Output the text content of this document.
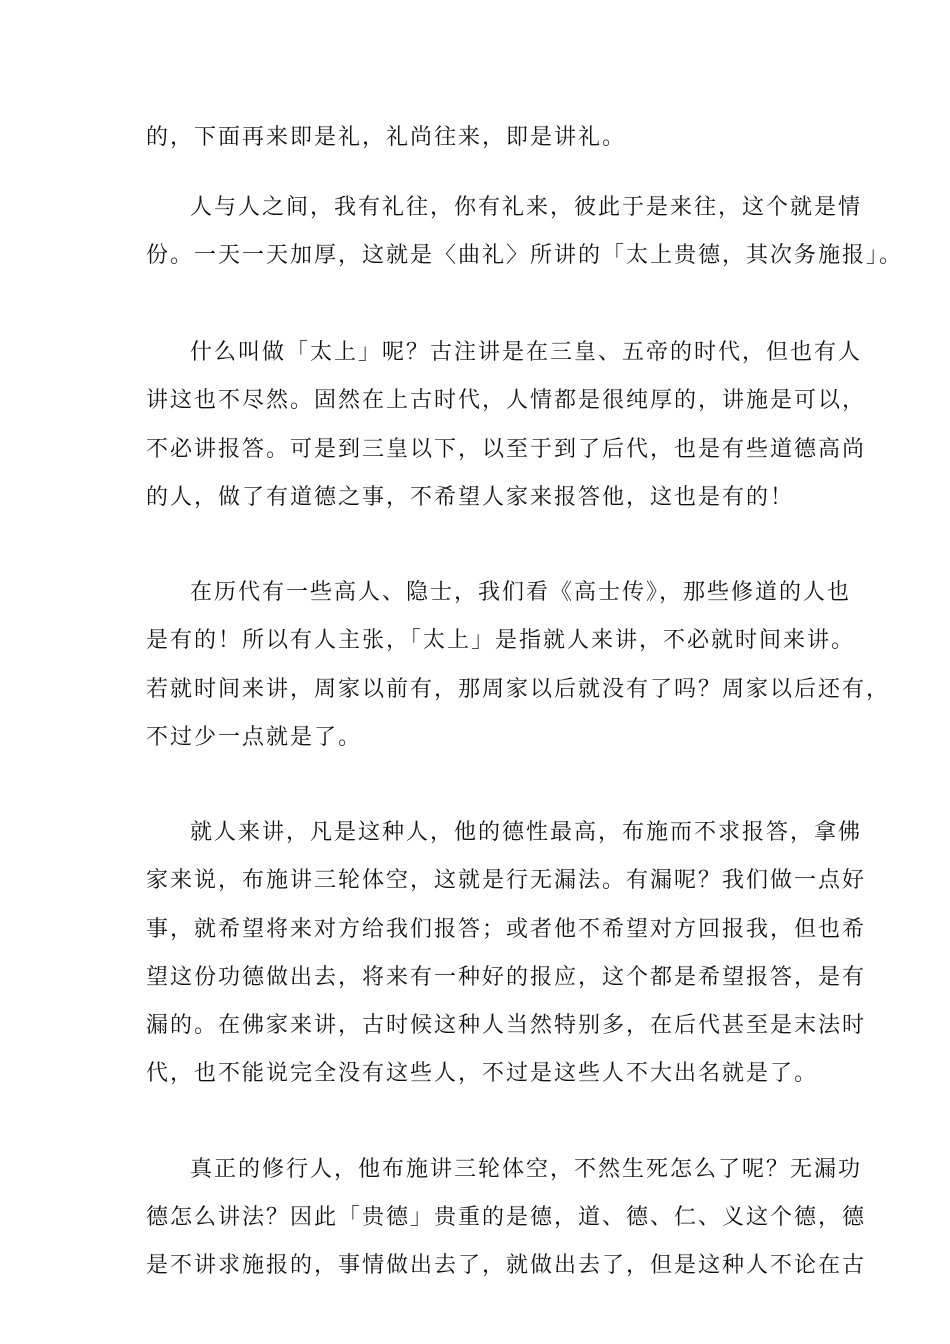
的，下面再来即是礼，礼尚往来，即是讲礼。
人与人之间，我有礼往，你有礼来，彼此于是来往，这个就是情
份。一天一天加厚，这就是〈曲礼〉所讲的「太上贵德，其次务施报」。
什么叫做「太上」呢？古注讲是在三皇、五帝的时代，但也有人
讲这也不尽然。固然在上古时代，人情都是很纯厚的，讲施是可以，
不必讲报答。可是到三皇以下，以至于到了后代，也是有些道德高尚
的人，做了有道德之事，不希望人家来报答他，这也是有的！
在历代有一些高人、隐士，我们看《高士传》，那些修道的人也
是有的！所以有人主张，「太上」是指就人来讲，不必就时间来讲。
若就时间来讲，周家以前有，那周家以后就没有了吗？周家以后还有，
不过少一点就是了。
就人来讲，凡是这种人，他的德性最高，布施而不求报答，拿佛
家来说，布施讲三轮体空，这就是行无漏法。有漏呢？我们做一点好
事，就希望将来对方给我们报答；或者他不希望对方回报我，但也希
望这份功德做出去，将来有一种好的报应，这个都是希望报答，是有
漏的。在佛家来讲，古时候这种人当然特别多，在后代甚至是末法时
代，也不能说完全没有这些人，不过是这些人不大出名就是了。
真正的修行人，他布施讲三轮体空，不然生死怎么了呢？无漏功
德怎么讲法？因此「贵德」贵重的是德，道、德、仁、义这个德，德
是不讲求施报的，事情做出去了，就做出去了，但是这种人不论在古
